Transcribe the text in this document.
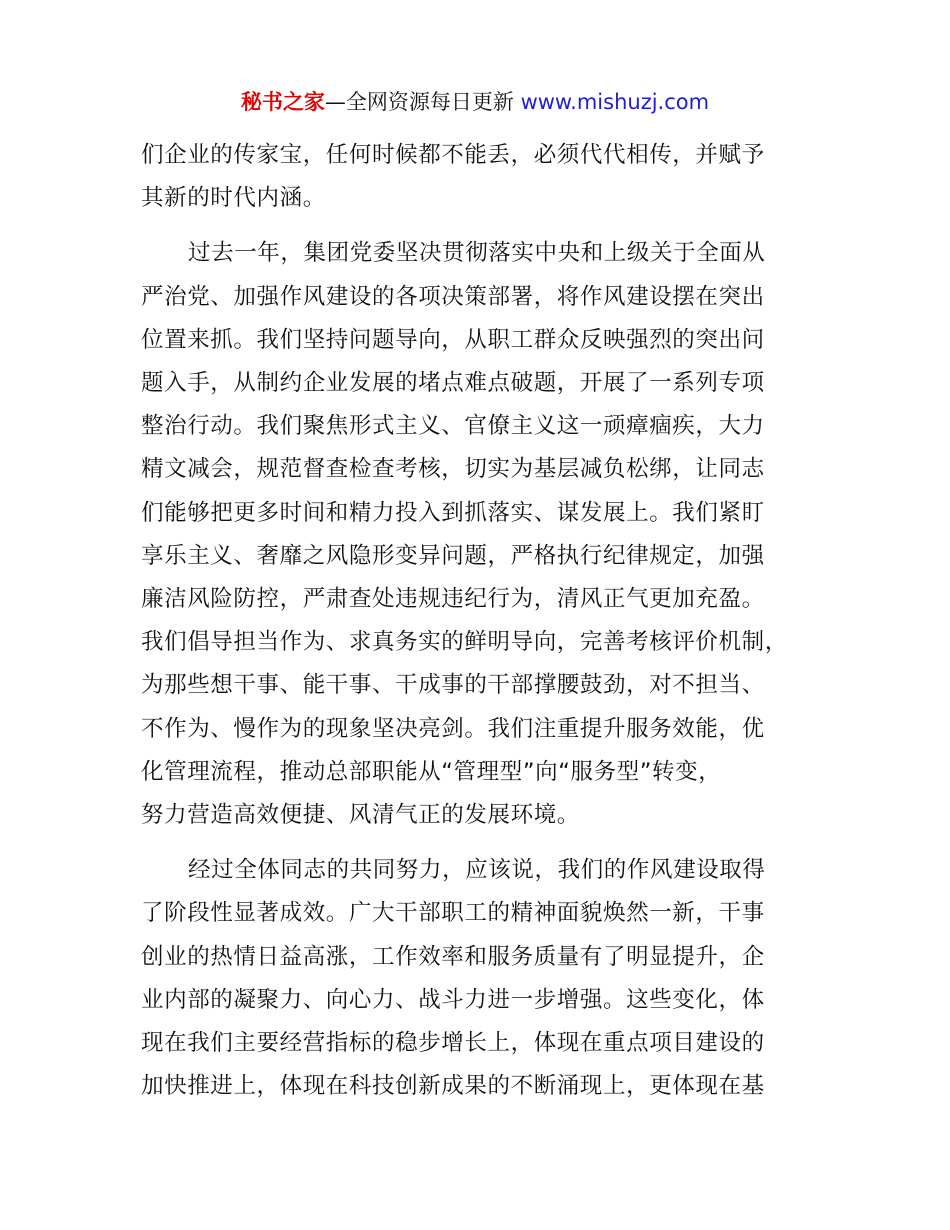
秘书之家—全网资源每日更新 www.mishuzj.com

们企业的传家宝，任何时候都不能丢，必须代代相传，并赋予
其新的时代内涵。

过去一年，集团党委坚决贯彻落实中央和上级关于全面从
严治党、加强作风建设的各项决策部署，将作风建设摆在突出
位置来抓。我们坚持问题导向，从职工群众反映强烈的突出问
题入手，从制约企业发展的堵点难点破题，开展了一系列专项
整治行动。我们聚焦形式主义、官僚主义这一顽瘴痼疾，大力
精文减会，规范督查检查考核，切实为基层减负松绑，让同志
们能够把更多时间和精力投入到抓落实、谋发展上。我们紧盯
享乐主义、奢靡之风隐形变异问题，严格执行纪律规定，加强
廉洁风险防控，严肃查处违规违纪行为，清风正气更加充盈。
我们倡导担当作为、求真务实的鲜明导向，完善考核评价机制，
为那些想干事、能干事、干成事的干部撑腰鼓劲，对不担当、
不作为、慢作为的现象坚决亮剑。我们注重提升服务效能，优
化管理流程，推动总部职能从“管理型”向“服务型”转变，
努力营造高效便捷、风清气正的发展环境。

经过全体同志的共同努力，应该说，我们的作风建设取得
了阶段性显著成效。广大干部职工的精神面貌焕然一新，干事
创业的热情日益高涨，工作效率和服务质量有了明显提升，企
业内部的凝聚力、向心力、战斗力进一步增强。这些变化，体
现在我们主要经营指标的稳步增长上，体现在重点项目建设的
加快推进上，体现在科技创新成果的不断涌现上，更体现在基
